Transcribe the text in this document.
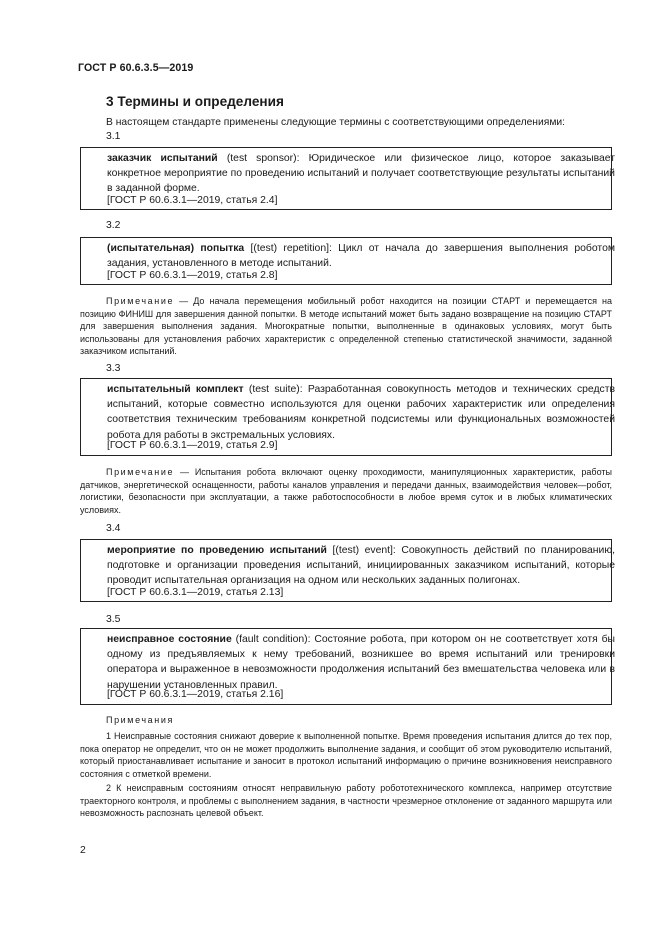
ГОСТ Р 60.6.3.5—2019
3 Термины и определения
В настоящем стандарте применены следующие термины с соответствующими определениями:
3.1
заказчик испытаний (test sponsor): Юридическое или физическое лицо, которое заказывает конкретное мероприятие по проведению испытаний и получает соответствующие результаты испытаний в заданной форме.
[ГОСТ Р 60.6.3.1—2019, статья 2.4]
3.2
(испытательная) попытка [(test) repetition]: Цикл от начала до завершения выполнения роботом задания, установленного в методе испытаний.
[ГОСТ Р 60.6.3.1—2019, статья 2.8]
Примечание — До начала перемещения мобильный робот находится на позиции СТАРТ и перемещается на позицию ФИНИШ для завершения данной попытки. В методе испытаний может быть задано возвращение на позицию СТАРТ для завершения выполнения задания. Многократные попытки, выполненные в одинаковых условиях, могут быть использованы для установления рабочих характеристик с определенной степенью статистической значимости, заданной заказчиком испытаний.
3.3
испытательный комплект (test suite): Разработанная совокупность методов и технических средств испытаний, которые совместно используются для оценки рабочих характеристик или определения соответствия техническим требованиям конкретной подсистемы или функциональных возможностей робота для работы в экстремальных условиях.
[ГОСТ Р 60.6.3.1—2019, статья 2.9]
Примечание — Испытания робота включают оценку проходимости, манипуляционных характеристик, работы датчиков, энергетической оснащенности, работы каналов управления и передачи данных, взаимодействия человек—робот, логистики, безопасности при эксплуатации, а также работоспособности в любое время суток и в любых климатических условиях.
3.4
мероприятие по проведению испытаний [(test) event]: Совокупность действий по планированию, подготовке и организации проведения испытаний, инициированных заказчиком испытаний, которые проводит испытательная организация на одном или нескольких заданных полигонах.
[ГОСТ Р 60.6.3.1—2019, статья 2.13]
3.5
неисправное состояние (fault condition): Состояние робота, при котором он не соответствует хотя бы одному из предъявляемых к нему требований, возникшее во время испытаний или тренировки оператора и выраженное в невозможности продолжения испытаний без вмешательства человека или в нарушении установленных правил.
[ГОСТ Р 60.6.3.1—2019, статья 2.16]
Примечания
1 Неисправные состояния снижают доверие к выполненной попытке. Время проведения испытания длится до тех пор, пока оператор не определит, что он не может продолжить выполнение задания, и сообщит об этом руководителю испытаний, который приостанавливает испытание и заносит в протокол испытаний информацию о причине возникновения неисправного состояния с отметкой времени.
2 К неисправным состояниям относят неправильную работу робототехнического комплекса, например отсутствие траекторного контроля, и проблемы с выполнением задания, в частности чрезмерное отклонение от заданного маршрута или невозможность распознать целевой объект.
2
